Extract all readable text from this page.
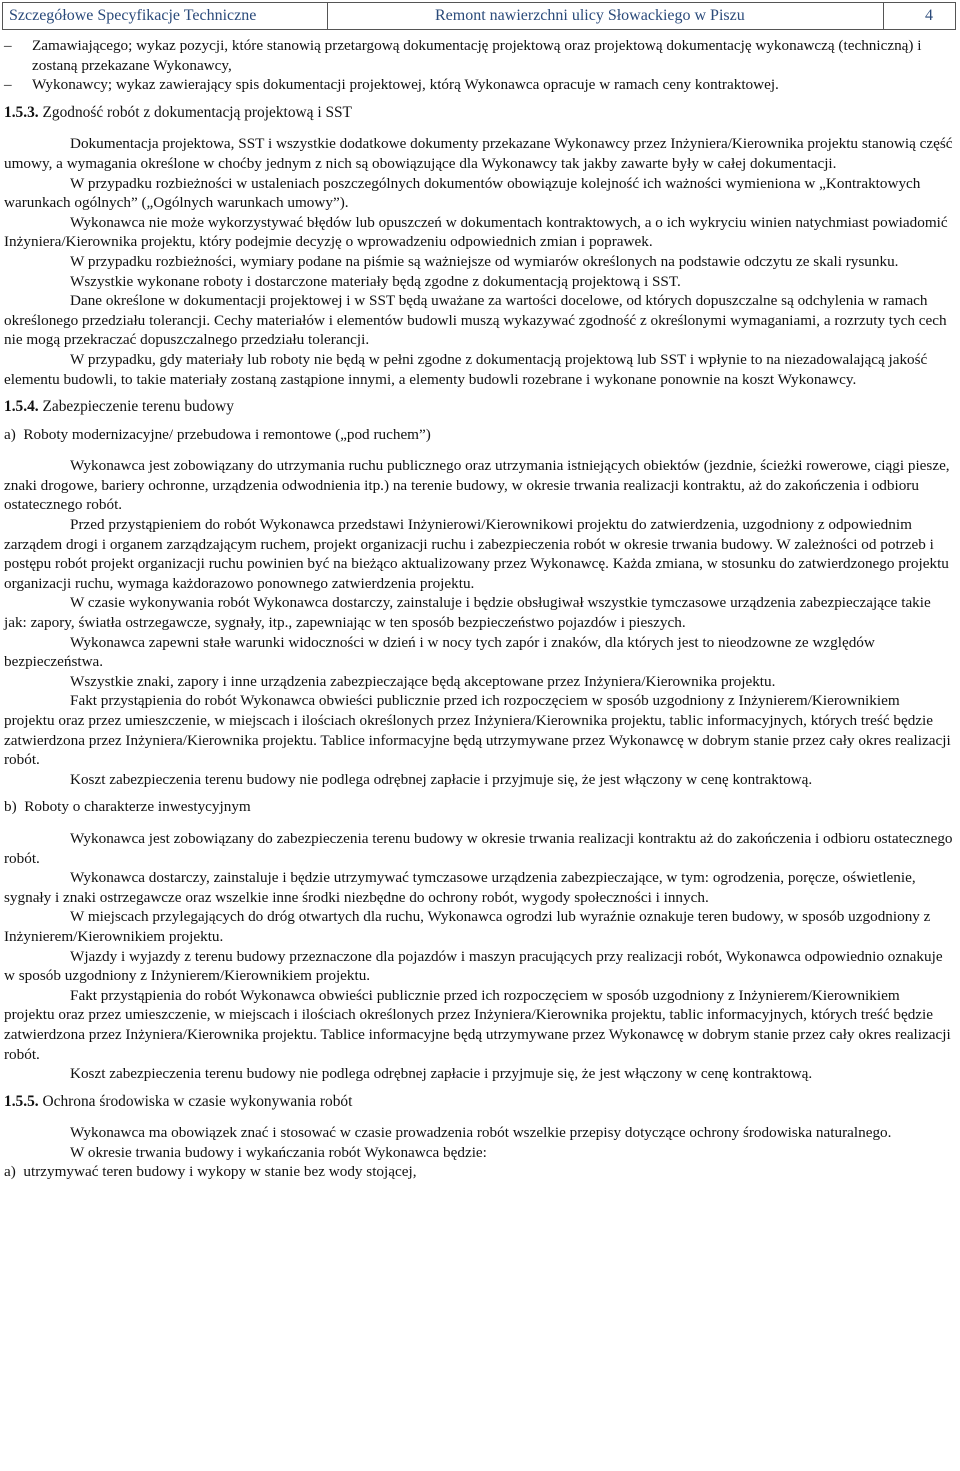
Szczegółowe Specyfikacje Techniczne	Remont nawierzchni ulicy Słowackiego w Piszu	4

–	Zamawiającego; wykaz pozycji, które stanowią przetargową dokumentację projektową oraz projektową dokumentację wykonawczą (techniczną) i zostaną przekazane Wykonawcy,

–	Wykonawcy; wykaz zawierający spis dokumentacji projektowej, którą Wykonawca opracuje w ramach ceny kontraktowej.

1.5.3. Zgodność robót z dokumentacją projektową i SST

Dokumentacja projektowa, SST i wszystkie dodatkowe dokumenty przekazane Wykonawcy przez Inżyniera/Kierownika projektu stanowią część umowy, a wymagania określone w choćby jednym z nich są obowiązujące dla Wykonawcy tak jakby zawarte były w całej dokumentacji.

W przypadku rozbieżności w ustaleniach poszczególnych dokumentów obowiązuje kolejność ich ważności wymieniona w „Kontraktowych warunkach ogólnych” („Ogólnych warunkach umowy”).

Wykonawca nie może wykorzystywać błędów lub opuszczeń w dokumentach kontraktowych, a o ich wykryciu winien natychmiast powiadomić Inżyniera/Kierownika projektu, który podejmie decyzję o wprowadzeniu odpowiednich zmian i poprawek.

W przypadku rozbieżności, wymiary podane na piśmie są ważniejsze od wymiarów określonych na podstawie odczytu ze skali rysunku.

Wszystkie wykonane roboty i dostarczone materiały będą zgodne z dokumentacją projektową i SST.

Dane określone w dokumentacji projektowej i w SST będą uważane za wartości docelowe, od których dopuszczalne są odchylenia w ramach określonego przedziału tolerancji. Cechy materiałów i elementów budowli muszą wykazywać zgodność z określonymi wymaganiami, a rozrzuty tych cech nie mogą przekraczać dopuszczalnego przedziału tolerancji.

W przypadku, gdy materiały lub roboty nie będą w pełni zgodne z dokumentacją projektową lub SST i wpłynie to na niezadowalającą jakość elementu budowli, to takie materiały zostaną zastąpione innymi, a elementy budowli rozebrane i wykonane ponownie na koszt Wykonawcy.

1.5.4. Zabezpieczenie terenu budowy

a) Roboty modernizacyjne/ przebudowa i remontowe („pod ruchem”)

Wykonawca jest zobowiązany do utrzymania ruchu publicznego oraz utrzymania istniejących obiektów (jezdnie, ścieżki rowerowe, ciągi piesze, znaki drogowe, bariery ochronne, urządzenia odwodnienia itp.) na terenie budowy, w okresie trwania realizacji kontraktu, aż do zakończenia i odbioru ostatecznego robót.

Przed przystąpieniem do robót Wykonawca przedstawi Inżynierowi/Kierownikowi projektu do zatwierdzenia, uzgodniony z odpowiednim zarządem drogi i organem zarządzającym ruchem, projekt organizacji ruchu i zabezpieczenia robót w okresie trwania budowy. W zależności od potrzeb i postępu robót projekt organizacji ruchu powinien być na bieżąco aktualizowany przez Wykonawcę. Każda zmiana, w stosunku do zatwierdzonego projektu organizacji ruchu, wymaga każdorazowo ponownego zatwierdzenia projektu.

W czasie wykonywania robót Wykonawca dostarczy, zainstaluje i będzie obsługiwał wszystkie tymczasowe urządzenia zabezpieczające takie jak: zapory, światła ostrzegawcze, sygnały, itp., zapewniając w ten sposób bezpieczeństwo pojazdów i pieszych.

Wykonawca zapewni stałe warunki widoczności w dzień i w nocy tych zapór i znaków, dla których jest to nieodzowne ze względów bezpieczeństwa.

Wszystkie znaki, zapory i inne urządzenia zabezpieczające będą akceptowane przez Inżyniera/Kierownika projektu.

Fakt przystąpienia do robót Wykonawca obwieści publicznie przed ich rozpoczęciem w sposób uzgodniony z Inżynierem/Kierownikiem projektu oraz przez umieszczenie, w miejscach i ilościach określonych przez Inżyniera/Kierownika projektu, tablic informacyjnych, których treść będzie zatwierdzona przez Inżyniera/Kierownika projektu. Tablice informacyjne będą utrzymywane przez Wykonawcę w dobrym stanie przez cały okres realizacji robót.

Koszt zabezpieczenia terenu budowy nie podlega odrębnej zapłacie i przyjmuje się, że jest włączony w cenę kontraktową.

b) Roboty o charakterze inwestycyjnym

Wykonawca jest zobowiązany do zabezpieczenia terenu budowy w okresie trwania realizacji kontraktu aż do zakończenia i odbioru ostatecznego robót.

Wykonawca dostarczy, zainstaluje i będzie utrzymywać tymczasowe urządzenia zabezpieczające, w tym: ogrodzenia, poręcze, oświetlenie, sygnały i znaki ostrzegawcze oraz wszelkie inne środki niezbędne do ochrony robót, wygody społeczności i innych.

W miejscach przylegających do dróg otwartych dla ruchu, Wykonawca ogrodzi lub wyraźnie oznakuje teren budowy, w sposób uzgodniony z Inżynierem/Kierownikiem projektu.

Wjazdy i wyjazdy z terenu budowy przeznaczone dla pojazdów i maszyn pracujących przy realizacji robót, Wykonawca odpowiednio oznakuje w sposób uzgodniony z Inżynierem/Kierownikiem projektu.

Fakt przystąpienia do robót Wykonawca obwieści publicznie przed ich rozpoczęciem w sposób uzgodniony z Inżynierem/Kierownikiem projektu oraz przez umieszczenie, w miejscach i ilościach określonych przez Inżyniera/Kierownika projektu, tablic informacyjnych, których treść będzie zatwierdzona przez Inżyniera/Kierownika projektu. Tablice informacyjne będą utrzymywane przez Wykonawcę w dobrym stanie przez cały okres realizacji robót.

Koszt zabezpieczenia terenu budowy nie podlega odrębnej zapłacie i przyjmuje się, że jest włączony w cenę kontraktową.

1.5.5. Ochrona środowiska w czasie wykonywania robót

Wykonawca ma obowiązek znać i stosować w czasie prowadzenia robót wszelkie przepisy dotyczące ochrony środowiska naturalnego.

W okresie trwania budowy i wykańczania robót Wykonawca będzie:

a) utrzymywać teren budowy i wykopy w stanie bez wody stojącej,
